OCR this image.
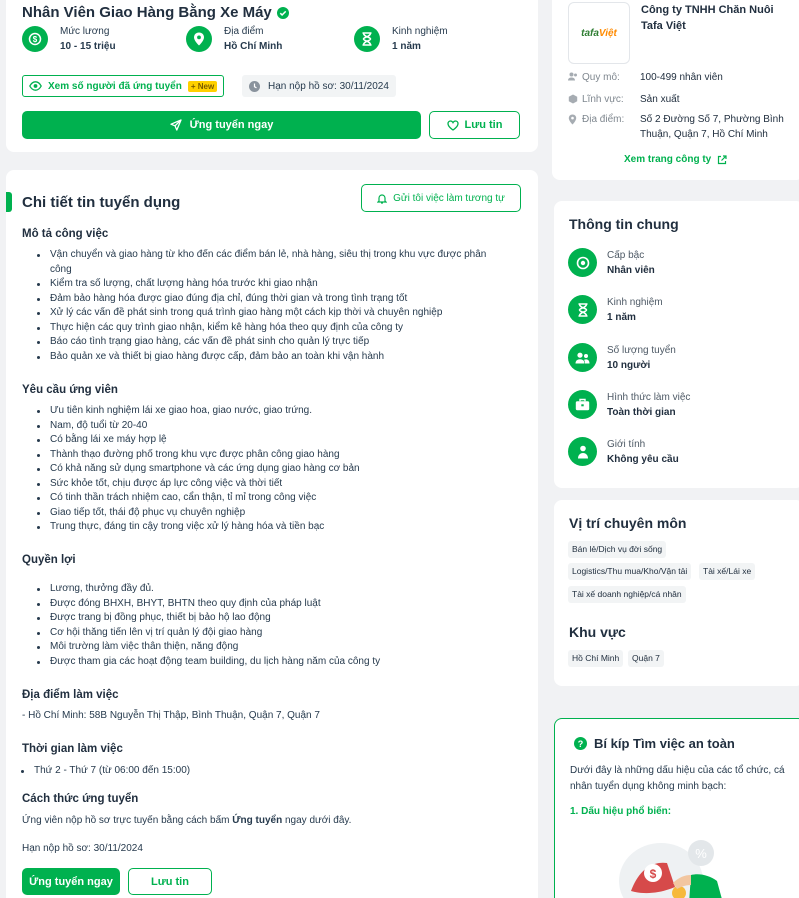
Nhân Viên Giao Hàng Bằng Xe Máy
$
Mức lương
10 - 15 triệu
Địa điểm
Hồ Chí Minh
Kinh nghiệm
1 năm
Xem số người đã ứng tuyển	+ New	Hạn nộp hồ sơ: 30/11/2024
Ứng tuyển ngay	Lưu tin
Chi tiết tin tuyển dụng	Gửi tôi việc làm tương tự
Mô tả công việc
Vận chuyển và giao hàng từ kho đến các điểm bán lẻ, nhà hàng, siêu thị trong khu vực được phân công
Kiểm tra số lượng, chất lượng hàng hóa trước khi giao nhận
Đảm bảo hàng hóa được giao đúng địa chỉ, đúng thời gian và trong tình trạng tốt
Xử lý các vấn đề phát sinh trong quá trình giao hàng một cách kịp thời và chuyên nghiệp
Thực hiện các quy trình giao nhận, kiểm kê hàng hóa theo quy định của công ty
Báo cáo tình trạng giao hàng, các vấn đề phát sinh cho quản lý trực tiếp
Bảo quản xe và thiết bị giao hàng được cấp, đảm bảo an toàn khi vận hành
Yêu cầu ứng viên
Ưu tiên kinh nghiệm lái xe giao hoa, giao nước, giao trứng.
Nam, độ tuổi từ 20-40
Có bằng lái xe máy hợp lệ
Thành thạo đường phố trong khu vực được phân công giao hàng
Có khả năng sử dụng smartphone và các ứng dụng giao hàng cơ bản
Sức khỏe tốt, chịu được áp lực công việc và thời tiết
Có tinh thần trách nhiệm cao, cẩn thận, tỉ mỉ trong công việc
Giao tiếp tốt, thái độ phục vụ chuyên nghiệp
Trung thực, đáng tin cậy trong việc xử lý hàng hóa và tiền bạc
Quyền lợi
Lương, thưởng đầy đủ.
Được đóng BHXH, BHYT, BHTN theo quy định của pháp luật
Được trang bị đồng phục, thiết bị bảo hộ lao động
Cơ hội thăng tiến lên vị trí quản lý đội giao hàng
Môi trường làm việc thân thiện, năng động
Được tham gia các hoạt động team building, du lịch hàng năm của công ty
Địa điểm làm việc
- Hồ Chí Minh: 58B Nguyễn Thị Thập, Bình Thuận, Quận 7, Quận 7
Thời gian làm việc
Thứ 2 - Thứ 7 (từ 06:00 đến 15:00)
Cách thức ứng tuyển
Ứng viên nộp hồ sơ trực tuyến bằng cách bấm Ứng tuyển ngay dưới đây.
Hạn nộp hồ sơ: 30/11/2024
Ứng tuyển ngay	Lưu tin
tafa Việt
Công ty TNHH Chăn Nuôi Tafa Việt
Quy mô:	100-499 nhân viên
Lĩnh vực:	Sản xuất
Địa điểm:	Số 2 Đường Số 7, Phường Bình Thuận, Quận 7, Hồ Chí Minh
Xem trang công ty
Thông tin chung
Cấp bậc
Nhân viên
Kinh nghiệm
1 năm
Số lượng tuyển
10 người
Hình thức làm việc
Toàn thời gian
Giới tính
Không yêu cầu
Vị trí chuyên môn
Bán lẻ/Dịch vụ đời sống
Logistics/Thu mua/Kho/Vận tải	Tài xế/Lái xe
Tài xế doanh nghiệp/cá nhân
Khu vực
Hồ Chí Minh	Quận 7
? Bí kíp Tìm việc an toàn
Dưới đây là những dấu hiệu của các tổ chức, cá nhân tuyển dụng không minh bạch:
1. Dấu hiệu phổ biến:
%
$
